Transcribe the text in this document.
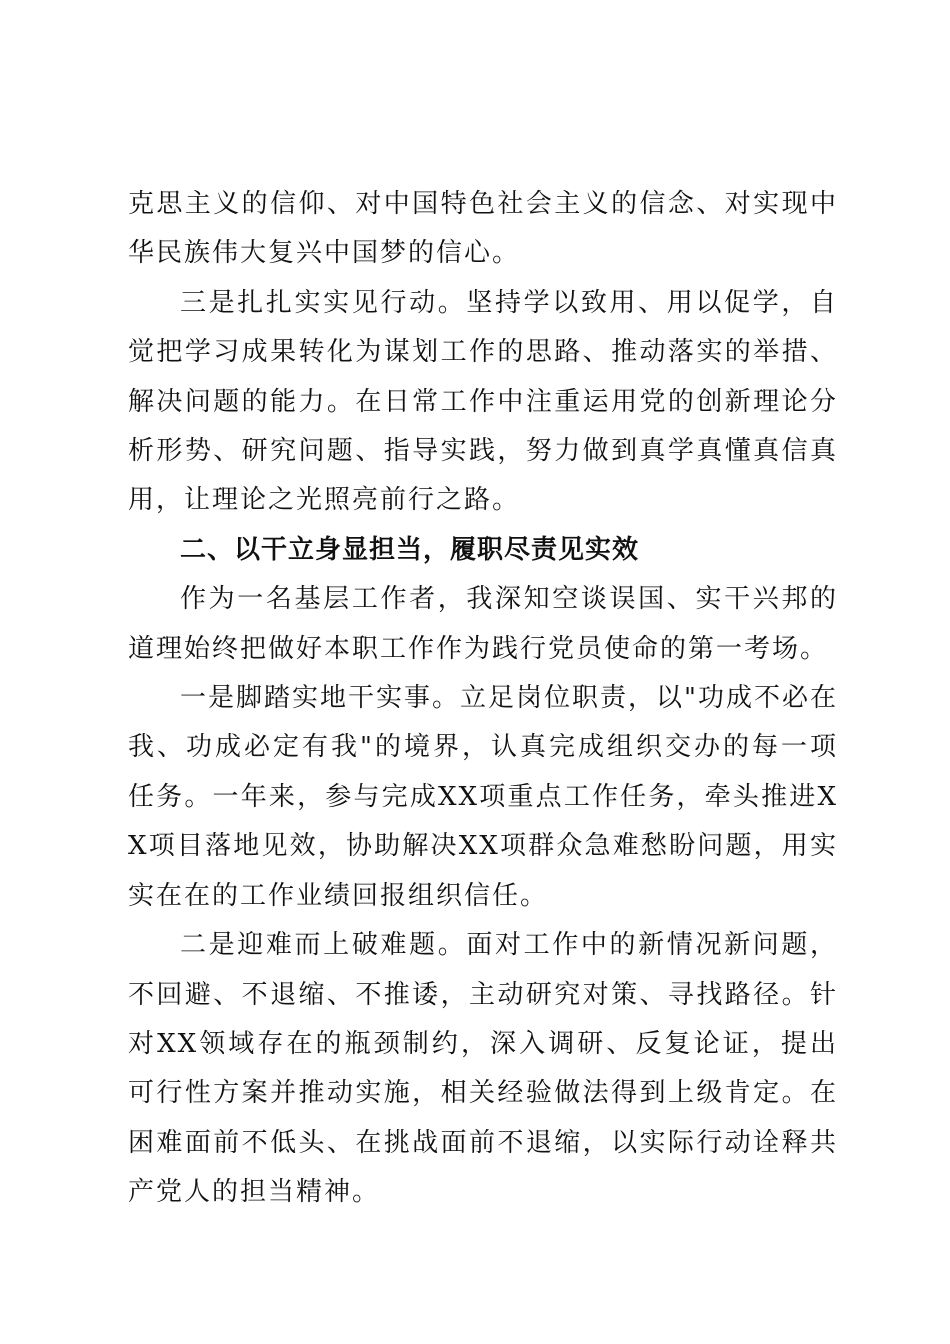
克思主义的信仰、对中国特色社会主义的信念、对实现中华民族伟大复兴中国梦的信心。

三是扎扎实实见行动。坚持学以致用、用以促学，自觉把学习成果转化为谋划工作的思路、推动落实的举措、解决问题的能力。在日常工作中注重运用党的创新理论分析形势、研究问题、指导实践，努力做到真学真懂真信真用，让理论之光照亮前行之路。

二、以干立身显担当，履职尽责见实效

作为一名基层工作者，我深知空谈误国、实干兴邦的道理始终把做好本职工作作为践行党员使命的第一考场。

一是脚踏实地干实事。立足岗位职责，以"功成不必在我、功成必定有我"的境界，认真完成组织交办的每一项任务。一年来，参与完成XX项重点工作任务，牵头推进XX项目落地见效，协助解决XX项群众急难愁盼问题，用实实在在的工作业绩回报组织信任。

二是迎难而上破难题。面对工作中的新情况新问题，不回避、不退缩、不推诿，主动研究对策、寻找路径。针对XX领域存在的瓶颈制约，深入调研、反复论证，提出可行性方案并推动实施，相关经验做法得到上级肯定。在困难面前不低头、在挑战面前不退缩，以实际行动诠释共产党人的担当精神。
